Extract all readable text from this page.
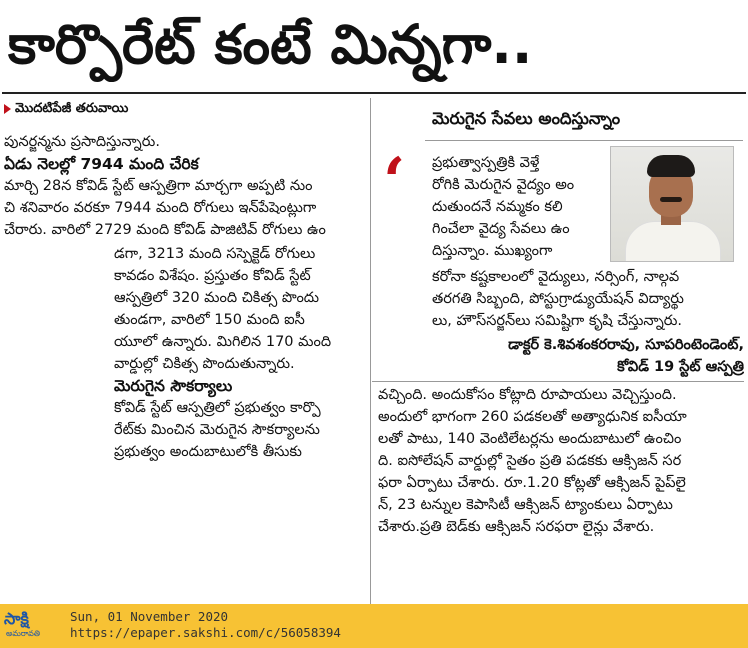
కార్పొరేట్ కంటే మిన్నగా..
మొదటిపేజీ తరువాయి
పునర్జన్మను ప్రసాదిస్తున్నారు.
ఏడు నెలల్లో 7944 మంది చేరిక
మార్చి 28న కోవిడ్ స్టేట్ ఆస్పత్రిగా మార్చగా అప్పటి నుం
చి శనివారం వరకూ 7944 మంది రోగులు ఇన్‌పేషెంట్లుగా
చేరారు. వారిలో 2729 మంది కోవిడ్ పాజిటివ్ రోగులు ఉం
డగా, 3213 మంది సస్పెక్టెడ్ రోగులు
కావడం విశేషం. ప్రస్తుతం కోవిడ్ స్టేట్
ఆస్పత్రిలో 320 మంది చికిత్స పొందు
తుండగా, వారిలో 150 మంది ఐసీ
యూలో ఉన్నారు. మిగిలిన 170 మంది
వార్డుల్లో చికిత్స పొందుతున్నారు.
మెరుగైన సౌకర్యాలు
కోవిడ్ స్టేట్ ఆస్పత్రిలో ప్రభుత్వం కార్పొ
రేట్‌కు మించిన మెరుగైన సౌకర్యాలను
ప్రభుత్వం అందుబాటులోకి తీసుకు
మెరుగైన సేవలు అందిస్తున్నాం
‘ ప్రభుత్వాస్పత్రికి వెళ్తే
రోగికి మెరుగైన వైద్యం అం
దుతుందనే నమ్మకం కలి
గించేలా వైద్య సేవలు ఉం
దిస్తున్నాం. ముఖ్యంగా
కరోనా కష్టకాలంలో వైద్యులు, నర్సింగ్, నాల్గవ
తరగతి సిబ్బంది, పోస్టుగ్రాడ్యుయేషన్ విద్యార్థు
లు, హౌస్‌సర్జన్‌లు సమిష్టిగా కృషి చేస్తున్నారు.
డాక్టర్ కె.శివశంకరరావు, సూపరింటెండెంట్,
కోవిడ్ 19 స్టేట్ ఆస్పత్రి
వచ్చింది. అందుకోసం కోట్లాది రూపాయలు వెచ్చిస్తుంది.
అందులో భాగంగా 260 పడకలతో అత్యాధునిక ఐసీయా
లతో పాటు, 140 వెంటిలేటర్లను అందుబాటులో ఉంచిం
ది. ఐసోలేషన్ వార్డుల్లో సైతం ప్రతి పడకకు ఆక్సిజన్ సర
ఫరా ఏర్పాటు చేశారు. రూ.1.20 కోట్లతో ఆక్సిజన్ పైప్‌లై
న్, 23 టన్నుల కెపాసిటీ ఆక్సిజన్ ట్యాంకులు ఏర్పాటు
చేశారు.ప్రతి బెడ్‌కు ఆక్సిజన్ సరఫరా లైన్లు వేశారు.
సాక్షి
అమరావతి
Sun, 01 November 2020
https://epaper.sakshi.com/c/56058394
